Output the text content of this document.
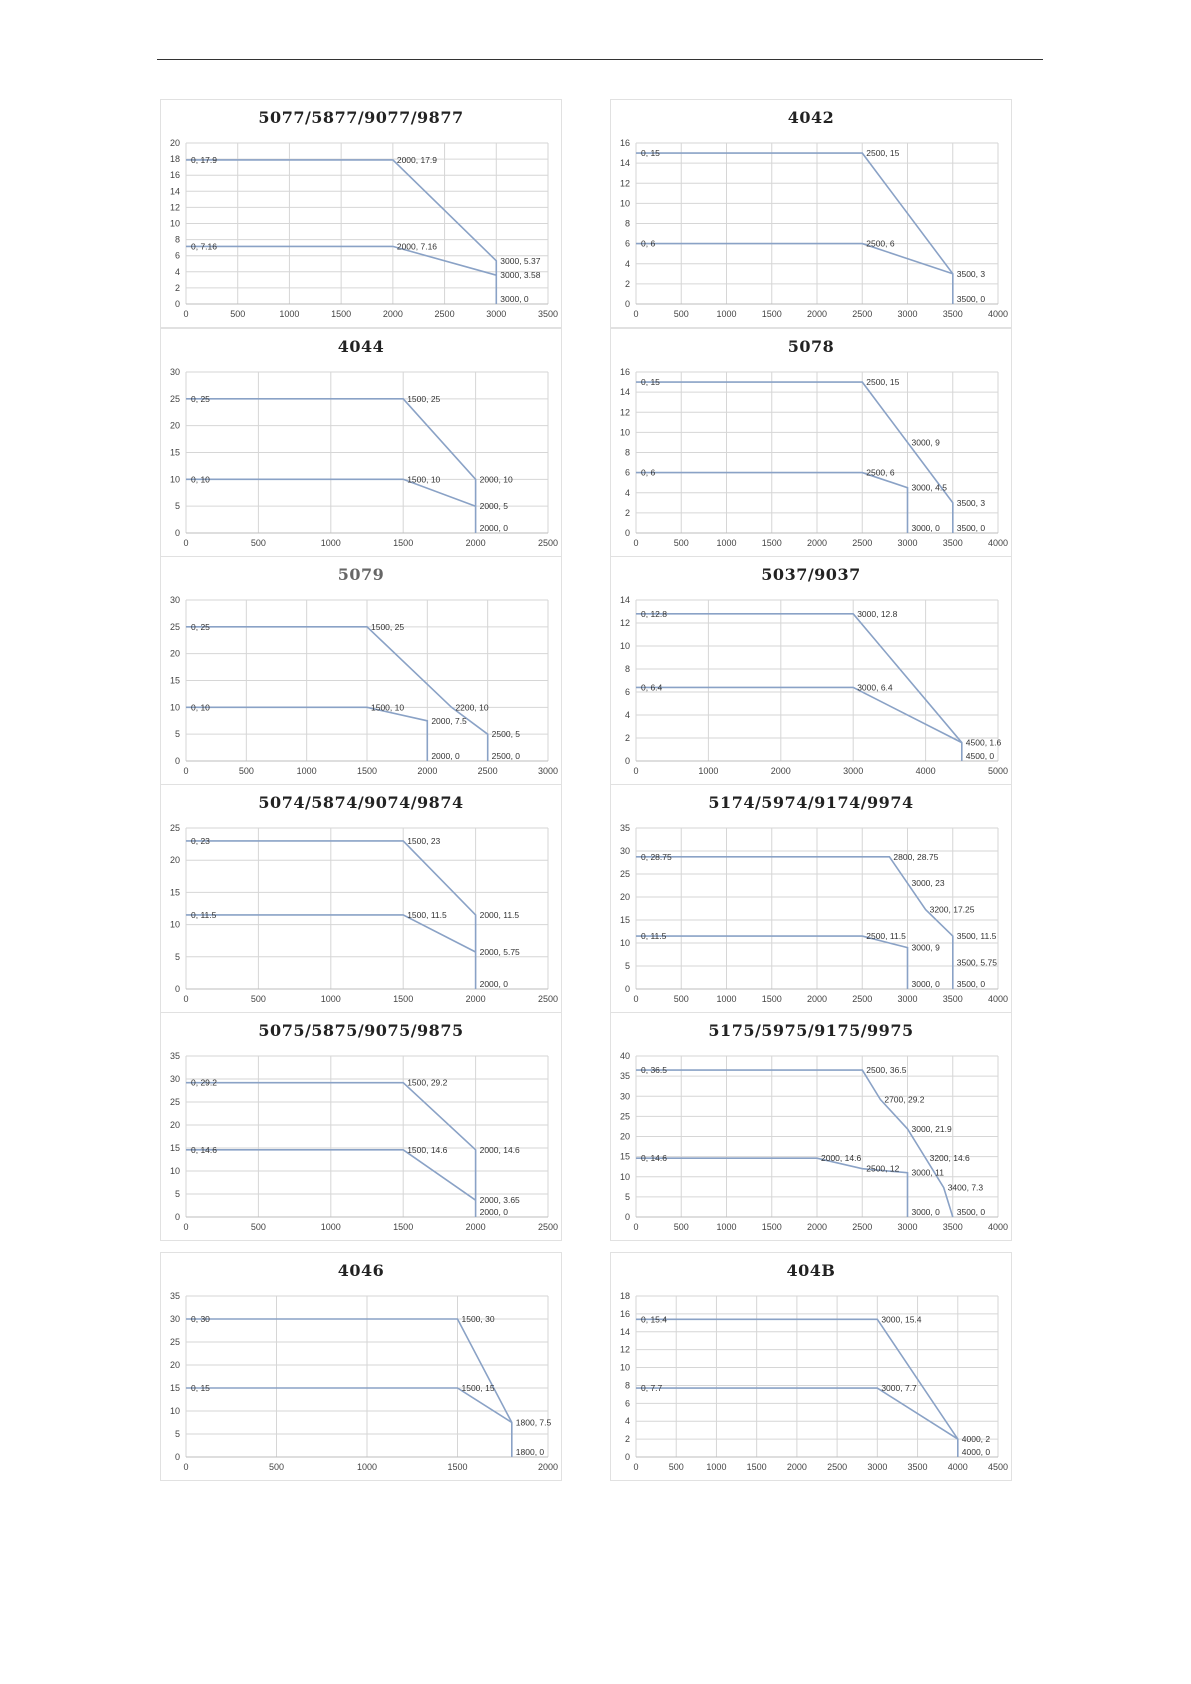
0
2
4
6
8
10
12
14
16
18
20
0	500	1000	1500	2000	2500	3000	3500
0, 17.9	2000, 17.9
0, 7.16	2000, 7.16
3000, 5.37
3000, 3.58
3000, 0
5077/5877/9077/9877
0
2
4
6
8
10
12
14
16
0	500	1000	1500	2000	2500	3000	3500	4000
0, 15	2500, 15
0, 6	2500, 6
3500, 3
3500, 0
4042
0
5
10
15
20
25
30
0	500	1000	1500	2000	2500
0, 25	1500, 25
0, 10	1500, 10	2000, 10
2000, 5
2000, 0
4044
0
2
4
6
8
10
12
14
16
0	500	1000	1500	2000	2500	3000	3500	4000
0, 15	2500, 15
3000, 9
0, 6	2500, 6
3000, 4.5
3500, 3
3000, 0 3500, 0
5078
0
5
10
15
20
25
30
0	500	1000	1500	2000	2500	3000
0, 25	1500, 25
0, 10	1500, 10	2200, 10
2000, 7.5
2500, 5
2000, 0	2500, 0
5079
0
2
4
6
8
10
12
14
0	1000	2000	3000	4000	5000
0, 12.8	3000, 12.8
0, 6.4	3000, 6.4
4500, 1.6
4500, 0
5037/9037
0
5
10
15
20
25
0	500	1000	1500	2000	2500
0, 23	1500, 23
0, 11.5	1500, 11.5	2000, 11.5
2000, 5.75
2000, 0
5074/5874/9074/9874
0
5
10
15
20
25
30
35
0	500	1000	1500	2000	2500	3000	3500	4000
0, 28.75	2800, 28.75
3000, 23
3200, 17.25
0, 11.5	2500, 11.5	3500, 11.5
3000, 9
3500, 5.75
3000, 0 3500, 0
5174/5974/9174/9974
0
5
10
15
20
25
30
35
0	500	1000	1500	2000	2500
0, 29.2	1500, 29.2
0, 14.6	1500, 14.6	2000, 14.6
2000, 3.65
2000, 0
5075/5875/9075/9875
0
5
10
15
20
25
30
35
40
0	500	1000	1500	2000	2500	3000	3500	4000
0, 36.5	2500, 36.5
2700, 29.2
3000, 21.9
0, 14.6	2000, 14.6	3200, 14.6
2500, 12 3000, 11
3400, 7.3
3000, 0 3500, 0
5175/5975/9175/9975
0
5
10
15
20
25
30
35
0	500	1000	1500	2000
0, 30	1500, 30
0, 15	1500, 15
1800, 7.5
1800, 0
4046
0
2
4
6
8
10
12
14
16
18
0	500	1000 1500 2000 2500 3000 3500 4000 4500
0, 15.4	3000, 15.4
0, 7.7	3000, 7.7
4000, 2
4000, 0
404B
